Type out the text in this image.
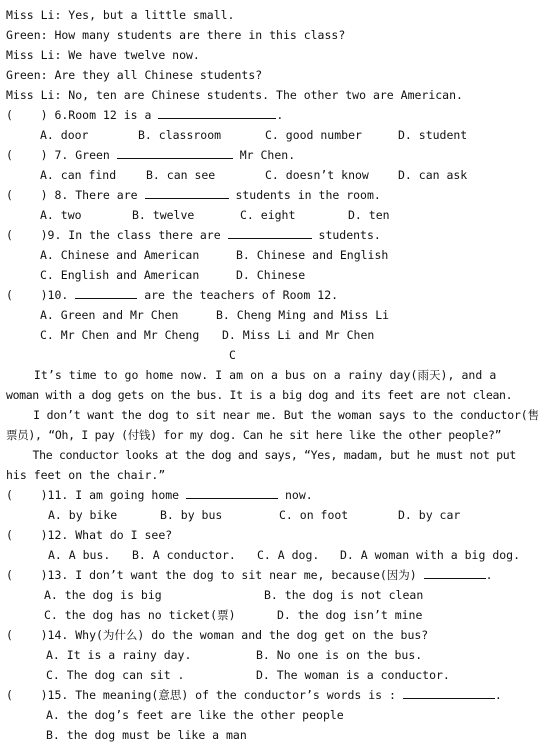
Miss Li: Yes, but a little small.
Green: How many students are there in this class?
Miss Li: We have twelve now.
Green: Are they all Chinese students?
Miss Li: No, ten are Chinese students. The other two are American.
(    ) 6.Room 12 is a	.
A. door	B. classroom	C. good number	D. student
(    ) 7. Green	Mr Chen.
A. can find	B. can see	C. doesn’t know	D. can ask
(    ) 8. There are	students in the room.
A. two	B. twelve	C. eight	D. ten
(    )9. In the class there are	students.
A. Chinese and American	B. Chinese and English
C. English and American	D. Chinese
(    )10.	are the teachers of Room 12.
A. Green and Mr Chen	B. Cheng Ming and Miss Li
C. Mr Chen and Mr Cheng D. Miss Li and Mr Chen
C
It’s time to go home now. I am on a bus on a rainy day(雨天), and a
woman with a dog gets on the bus. It is a big dog and its feet are not clean.
I don’t want the dog to sit near me. But the woman says to the conductor(售
票员), “Oh, I pay (付钱) for my dog. Can he sit here like the other people?”
The conductor looks at the dog and says, “Yes, madam, but he must not put
his feet on the chair.”
(    )11. I am going home	now.
A. by bike	B. by bus	C. on foot	D. by car
(    )12. What do I see?
A. A bus. B. A conductor. C. A dog. D. A woman with a big dog.
(    )13. I don’t want the dog to sit near me, because(因为)	.
A. the dog is big	B. the dog is not clean
C. the dog has no ticket(票)	D. the dog isn’t mine
(    )14. Why(为什么) do the woman and the dog get on the bus?
A. It is a rainy day.	B. No one is on the bus.
C. The dog can sit .	D. The woman is a conductor.
(    )15. The meaning(意思) of the conductor’s words is :	.
A. the dog’s feet are like the other people
B. the dog must be like a man
